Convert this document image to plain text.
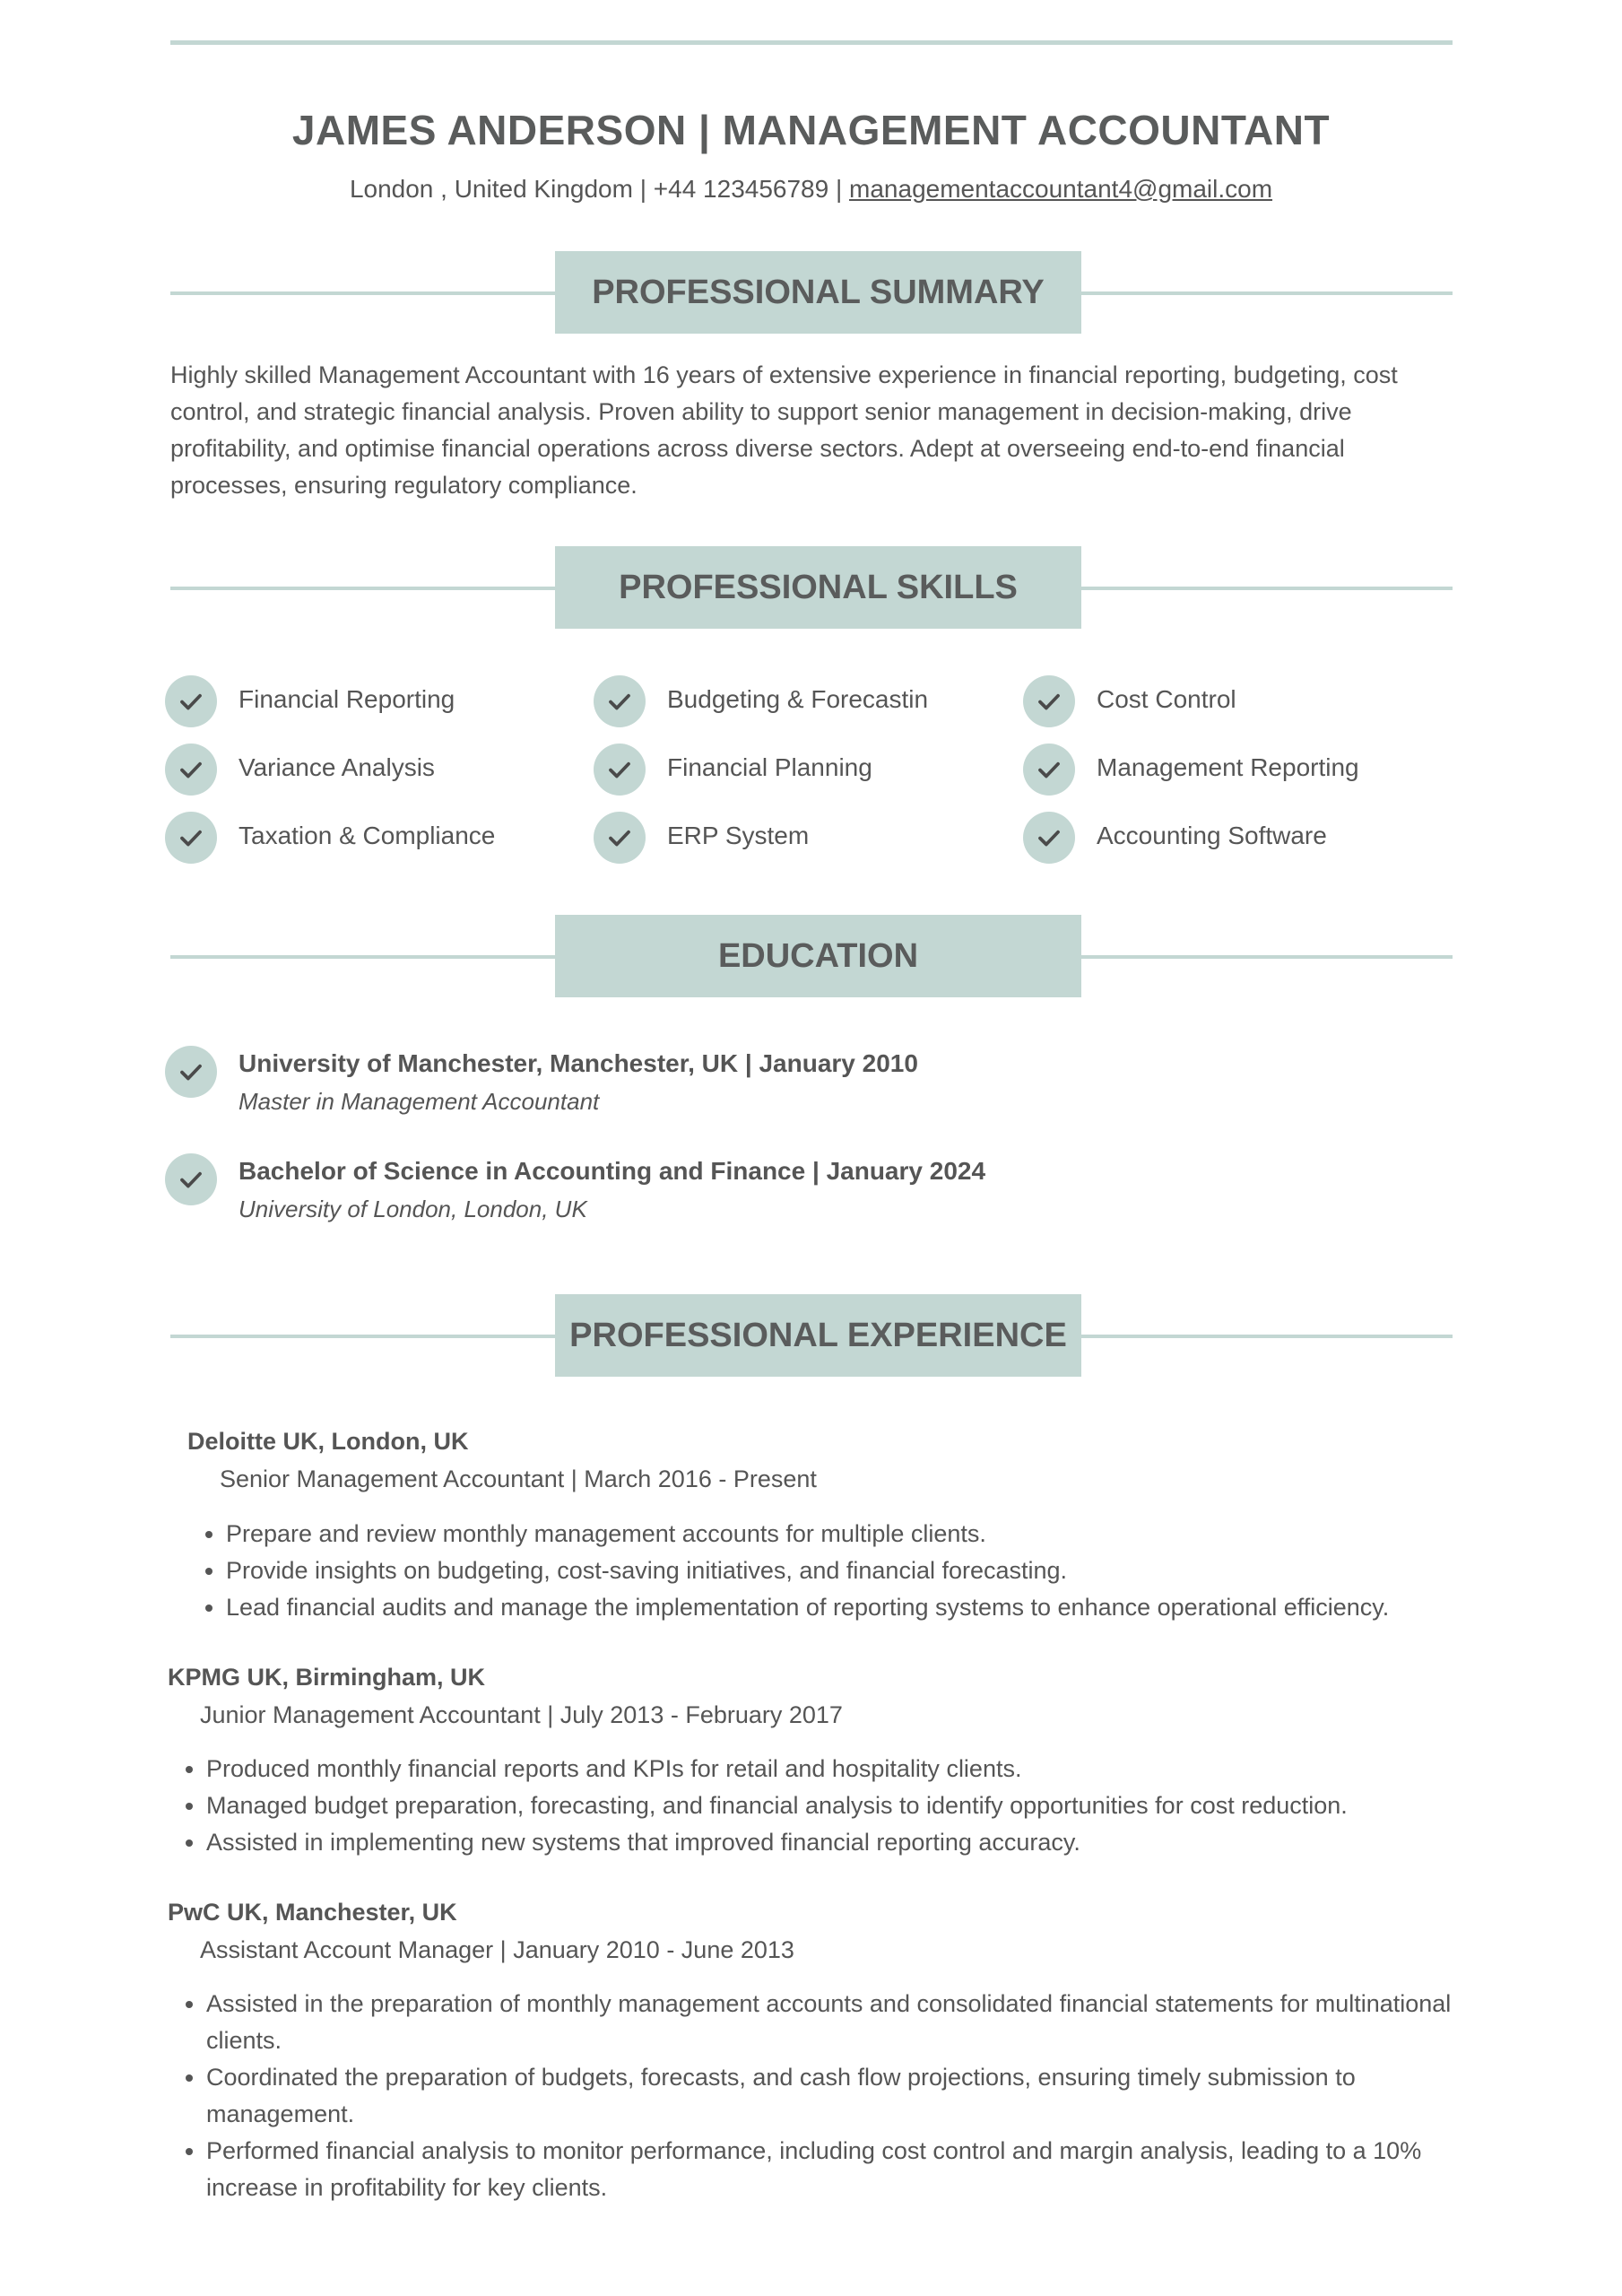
JAMES ANDERSON | MANAGEMENT ACCOUNTANT
London , United Kingdom | +44 123456789 | managementaccountant4@gmail.com
PROFESSIONAL SUMMARY
Highly skilled Management Accountant with 16 years of extensive experience in financial reporting, budgeting, cost control, and strategic financial analysis. Proven ability to support senior management in decision-making, drive profitability, and optimise financial operations across diverse sectors. Adept at overseeing end-to-end financial processes, ensuring regulatory compliance.
PROFESSIONAL SKILLS
Financial Reporting	Budgeting & Forecastin	Cost Control
Variance Analysis	Financial Planning	Management Reporting
Taxation & Compliance	ERP System	Accounting Software
EDUCATION
University of Manchester, Manchester, UK | January 2010
Master in Management Accountant
Bachelor of Science in Accounting and Finance | January 2024
University of London, London, UK
PROFESSIONAL EXPERIENCE
Deloitte UK, London, UK
Senior Management Accountant | March 2016 - Present
• Prepare and review monthly management accounts for multiple clients.
• Provide insights on budgeting, cost-saving initiatives, and financial forecasting.
• Lead financial audits and manage the implementation of reporting systems to enhance operational efficiency.
KPMG UK, Birmingham, UK
Junior Management Accountant | July 2013 - February 2017
• Produced monthly financial reports and KPIs for retail and hospitality clients.
• Managed budget preparation, forecasting, and financial analysis to identify opportunities for cost reduction.
• Assisted in implementing new systems that improved financial reporting accuracy.
PwC UK, Manchester, UK
Assistant Account Manager | January 2010 - June 2013
• Assisted in the preparation of monthly management accounts and consolidated financial statements for multinational clients.
• Coordinated the preparation of budgets, forecasts, and cash flow projections, ensuring timely submission to management.
• Performed financial analysis to monitor performance, including cost control and margin analysis, leading to a 10% increase in profitability for key clients.
